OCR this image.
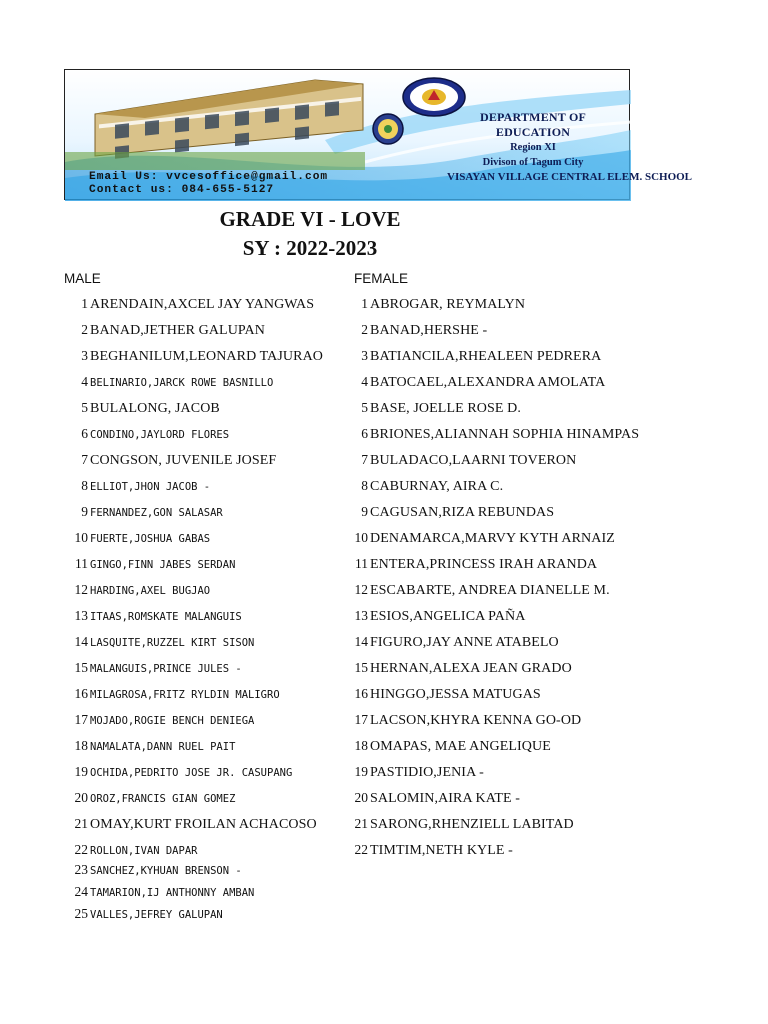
DEPARTMENT OF EDUCATION
Region XI
Divison of Tagum City
VISAYAN VILLAGE CENTRAL ELEM. SCHOOL
Email Us: vvcesoffice@gmail.com
Contact us: 084-655-5127
GRADE VI - LOVE
SY : 2022-2023
MALE	FEMALE
1 ARENDAIN,AXCEL JAY YANGWAS
2 BANAD,JETHER GALUPAN
3 BEGHANILUM,LEONARD TAJURAO
4 BELINARIO,JARCK ROWE BASNILLO
5 BULALONG, JACOB
6 CONDINO,JAYLORD FLORES
7 CONGSON, JUVENILE JOSEF
8 ELLIOT,JHON JACOB -
9 FERNANDEZ,GON SALASAR
10 FUERTE,JOSHUA GABAS
11 GINGO,FINN JABES SERDAN
12 HARDING,AXEL BUGJAO
13 ITAAS,ROMSKATE MALANGUIS
14 LASQUITE,RUZZEL KIRT SISON
15 MALANGUIS,PRINCE JULES -
16 MILAGROSA,FRITZ RYLDIN MALIGRO
17 MOJADO,ROGIE BENCH DENIEGA
18 NAMALATA,DANN RUEL PAIT
19 OCHIDA,PEDRITO JOSE JR. CASUPANG
20 OROZ,FRANCIS GIAN GOMEZ
21 OMAY,KURT FROILAN ACHACOSO
22 ROLLON,IVAN DAPAR
23 SANCHEZ,KYHUAN BRENSON -
24 TAMARION,IJ ANTHONNY AMBAN
25 VALLES,JEFREY GALUPAN
1 ABROGAR, REYMALYN
2 BANAD,HERSHE -
3 BATIANCILA,RHEALEEN PEDRERA
4 BATOCAEL,ALEXANDRA AMOLATA
5 BASE, JOELLE ROSE D.
6 BRIONES,ALIANNAH SOPHIA HINAMPAS
7 BULADACO,LAARNI TOVERON
8 CABURNAY, AIRA C.
9 CAGUSAN,RIZA REBUNDAS
10 DENAMARCA,MARVY KYTH ARNAIZ
11 ENTERA,PRINCESS IRAH ARANDA
12 ESCABARTE, ANDREA DIANELLE M.
13 ESIOS,ANGELICA PAÑA
14 FIGURO,JAY ANNE ATABELO
15 HERNAN,ALEXA JEAN GRADO
16 HINGGO,JESSA MATUGAS
17 LACSON,KHYRA KENNA GO-OD
18 OMAPAS, MAE ANGELIQUE
19 PASTIDIO,JENIA -
20 SALOMIN,AIRA KATE -
21 SARONG,RHENZIELL LABITAD
22 TIMTIM,NETH KYLE -
